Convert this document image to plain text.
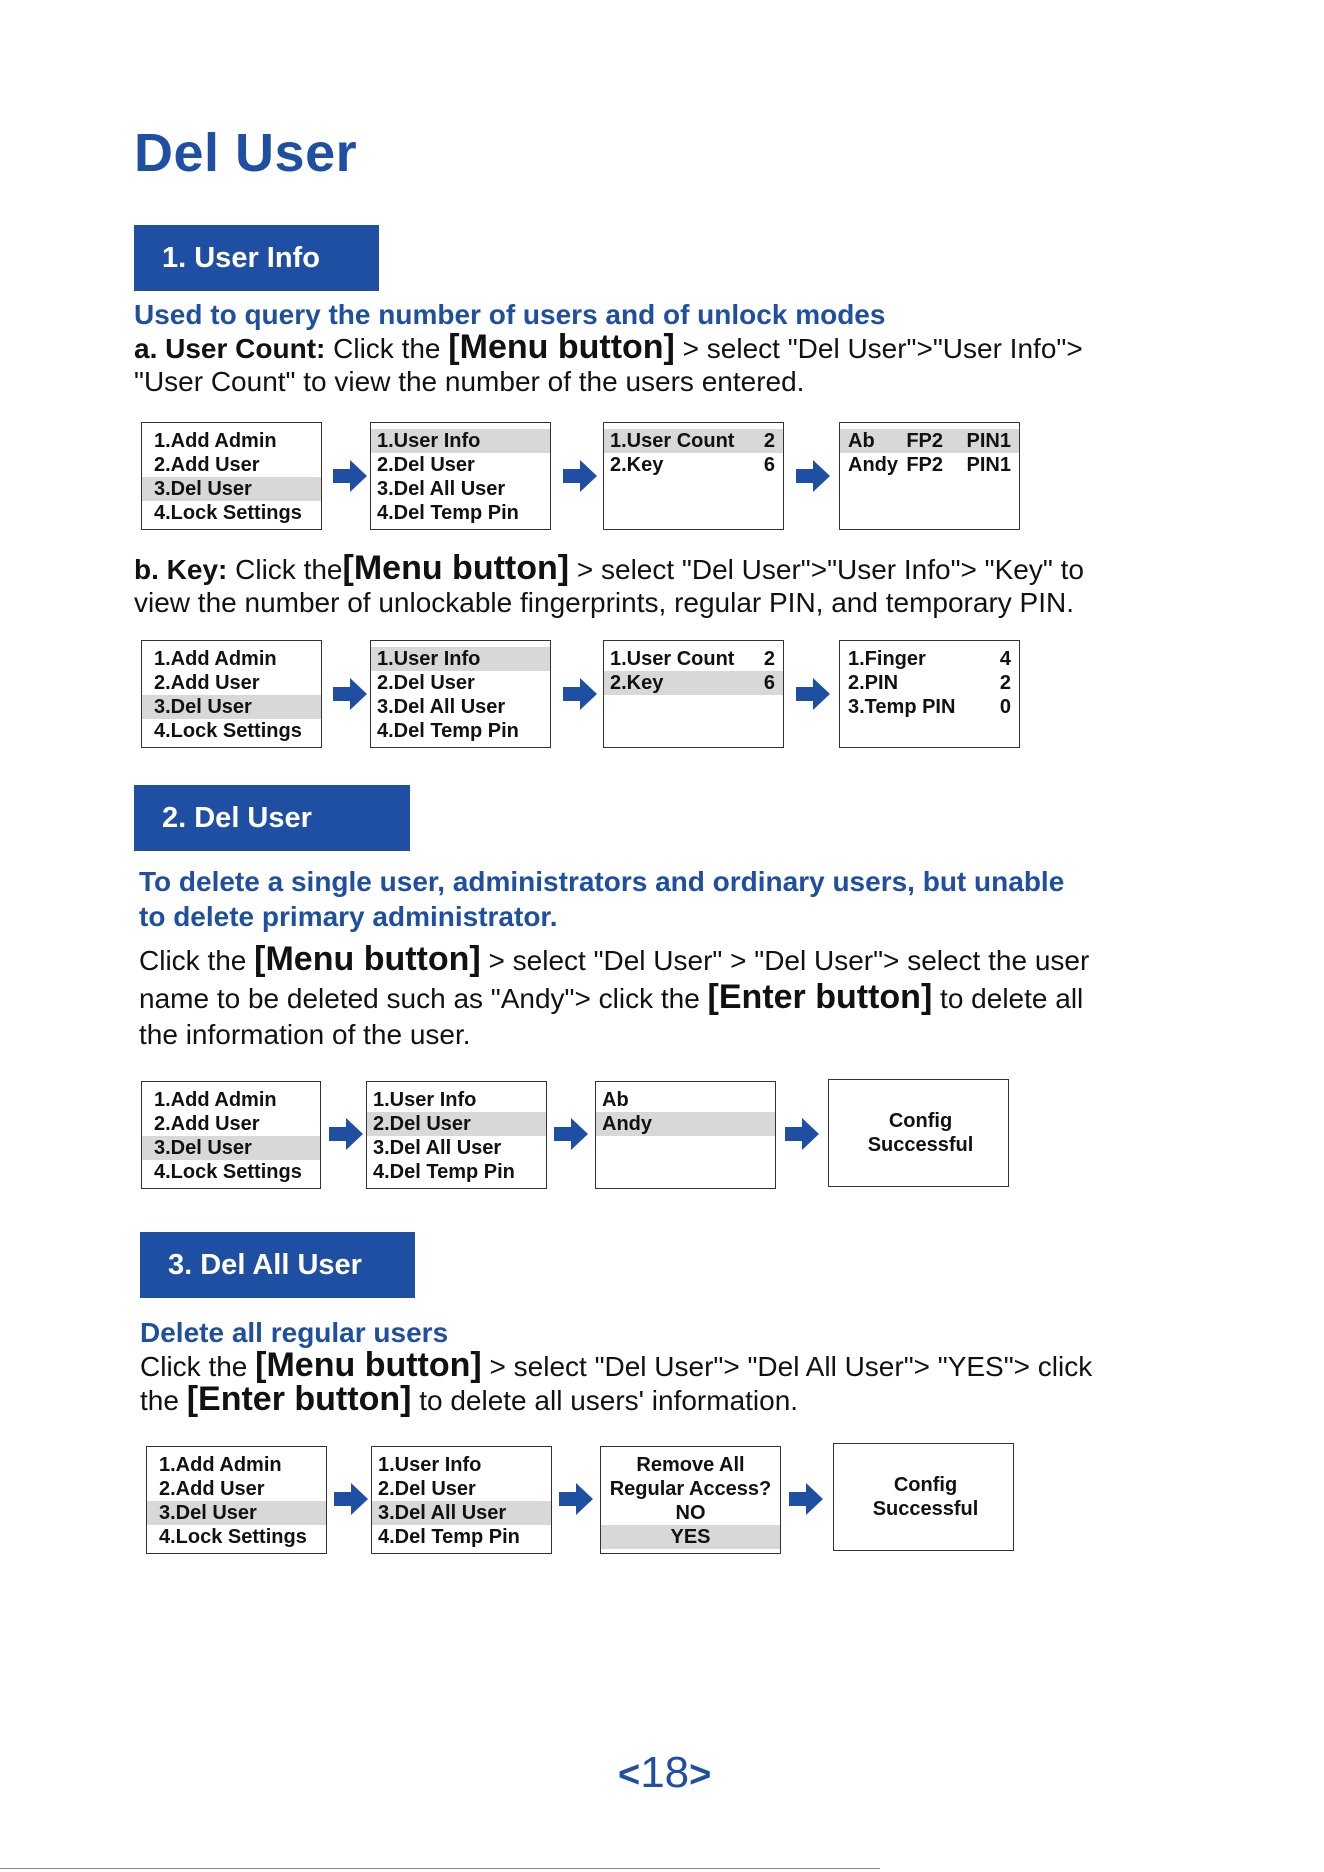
Del User
1. User Info
Used to query the number of users and of unlock modes
a. User Count: Click the [Menu button] > select "Del User">"User Info">
"User Count" to view the number of the users entered.
1.Add Admin
2.Add User
3.Del User
4.Lock Settings
1.User Info
2.Del User
3.Del All User
4.Del Temp Pin
1.User Count 2
2.Key	6
Ab	FP2	PIN1
Andy FP2	PIN1
b. Key: Click the[Menu button] > select "Del User">"User Info"> "Key" to
view the number of unlockable fingerprints, regular PIN, and temporary PIN.
1.Add Admin
2.Add User
3.Del User
4.Lock Settings
1.User Info
2.Del User
3.Del All User
4.Del Temp Pin
1.User Count 2
2.Key	6
1.Finger	4
2.PIN	2
3.Temp PIN 0
2. Del User
To delete a single user, administrators and ordinary users, but unable
to delete primary administrator.
Click the [Menu button] > select "Del User" > "Del User"> select the user
name to be deleted such as "Andy"> click the [Enter button] to delete all
the information of the user.
1.Add Admin
2.Add User
3.Del User
4.Lock Settings
1.User Info
2.Del User
3.Del All User
4.Del Temp Pin
Ab
Andy	Config
Successful
3. Del All User
Delete all regular users
Click the [Menu button] > select "Del User"> "Del All User"> "YES"> click
the [Enter button] to delete all users' information.
1.Add Admin
2.Add User
3.Del User
4.Lock Settings
1.User Info
2.Del User
3.Del All User
4.Del Temp Pin
Remove All
Regular Access?
NO
YES
Config
Successful
<18>
